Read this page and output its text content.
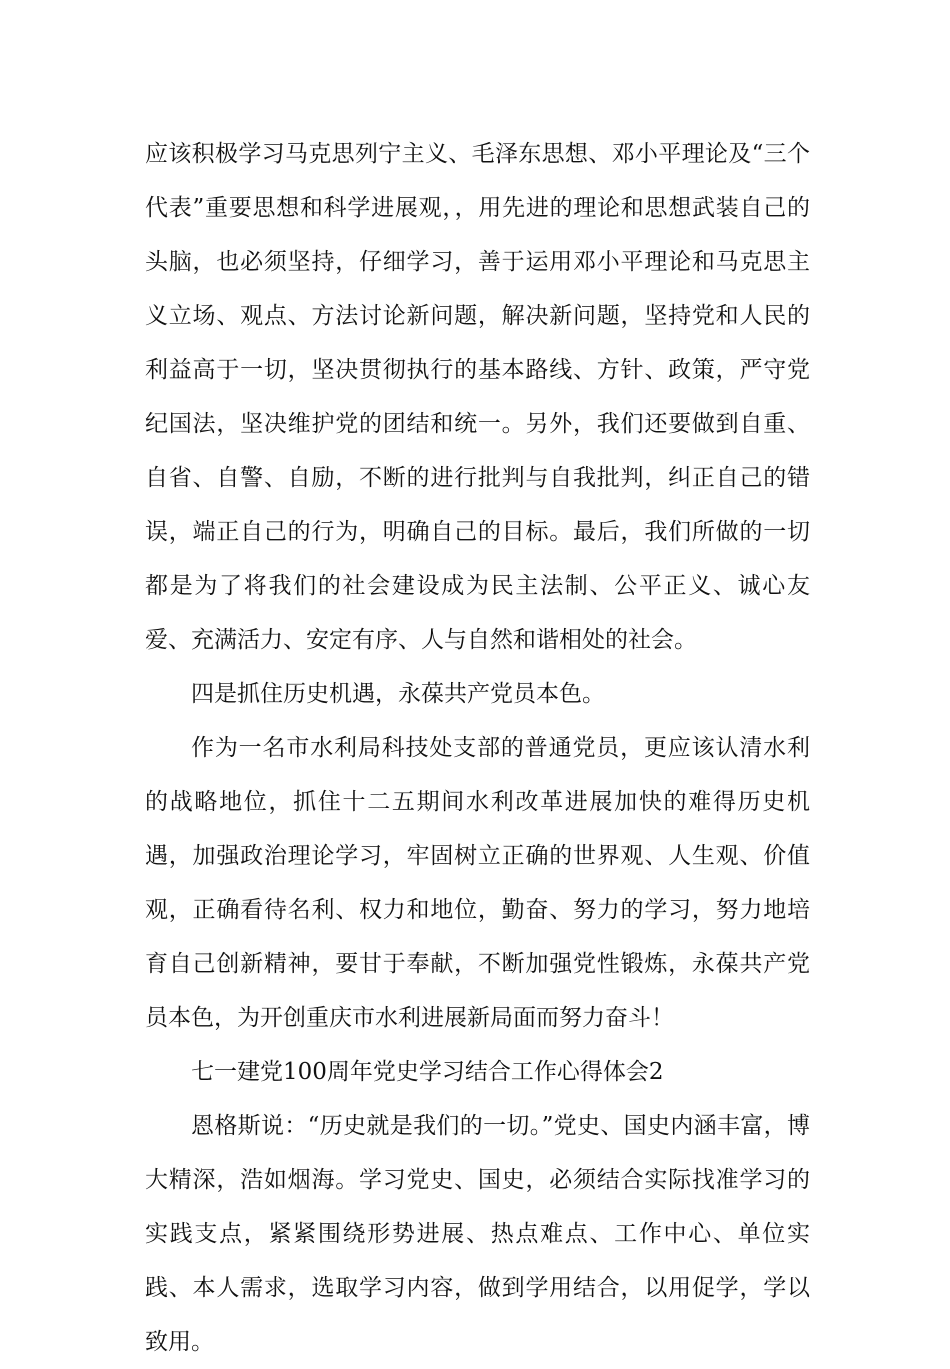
应该积极学习马克思列宁主义、毛泽东思想、邓小平理论及“三个代表”重要思想和科学进展观，，用先进的理论和思想武装自己的头脑，也必须坚持，仔细学习，善于运用邓小平理论和马克思主义立场、观点、方法讨论新问题，解决新问题，坚持党和人民的利益高于一切，坚决贯彻执行的基本路线、方针、政策，严守党纪国法，坚决维护党的团结和统一。另外，我们还要做到自重、自省、自警、自励，不断的进行批判与自我批判，纠正自己的错误，端正自己的行为，明确自己的目标。最后，我们所做的一切都是为了将我们的社会建设成为民主法制、公平正义、诚心友爱、充满活力、安定有序、人与自然和谐相处的社会。

四是抓住历史机遇，永葆共产党员本色。

作为一名市水利局科技处支部的普通党员，更应该认清水利的战略地位，抓住十二五期间水利改革进展加快的难得历史机遇，加强政治理论学习，牢固树立正确的世界观、人生观、价值观，正确看待名利、权力和地位，勤奋、努力的学习，努力地培育自己创新精神，要甘于奉献，不断加强党性锻炼，永葆共产党员本色，为开创重庆市水利进展新局面而努力奋斗！

七一建党100周年党史学习结合工作心得体会2

恩格斯说：“历史就是我们的一切。”党史、国史内涵丰富，博大精深，浩如烟海。学习党史、国史，必须结合实际找准学习的实践支点，紧紧围绕形势进展、热点难点、工作中心、单位实践、本人需求，选取学习内容，做到学用结合，以用促学，学以致用。
